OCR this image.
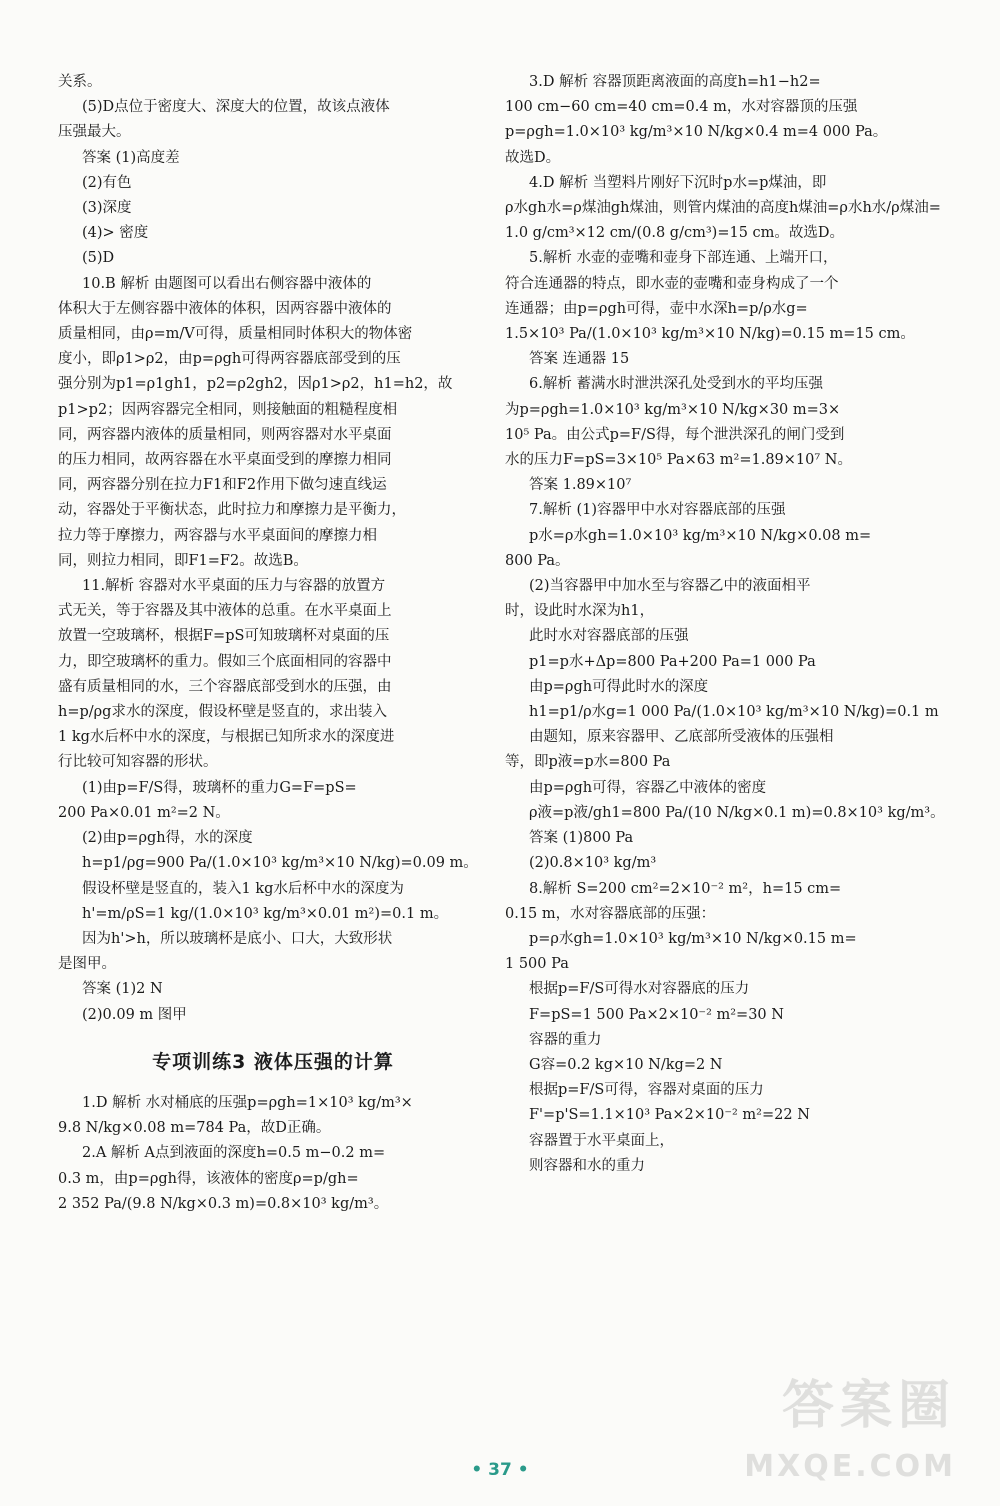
关系。

(5)D点位于密度大、深度大的位置，故该点液体

压强最大。

答案 (1)高度差

(2)有色

(3)深度

(4)> 密度

(5)D

10.B 解析 由题图可以看出右侧容器中液体的

体积大于左侧容器中液体的体积，因两容器中液体的

质量相同，由ρ=m/V可得，质量相同时体积大的物体密

度小，即ρ1>ρ2，由p=ρgh可得两容器底部受到的压

强分别为p1=ρ1gh1，p2=ρ2gh2，因ρ1>ρ2，h1=h2，故

p1>p2；因两容器完全相同，则接触面的粗糙程度相

同，两容器内液体的质量相同，则两容器对水平桌面

的压力相同，故两容器在水平桌面受到的摩擦力相同

同，两容器分别在拉力F1和F2作用下做匀速直线运

动，容器处于平衡状态，此时拉力和摩擦力是平衡力，

拉力等于摩擦力，两容器与水平桌面间的摩擦力相

同，则拉力相同，即F1=F2。故选B。

11.解析 容器对水平桌面的压力与容器的放置方

式无关，等于容器及其中液体的总重。在水平桌面上

放置一空玻璃杯，根据F=pS可知玻璃杯对桌面的压

力，即空玻璃杯的重力。假如三个底面相同的容器中

盛有质量相同的水，三个容器底部受到水的压强，由

h=p/ρg求水的深度，假设杯壁是竖直的，求出装入

1 kg水后杯中水的深度，与根据已知所求水的深度进

行比较可知容器的形状。

(1)由p=F/S得，玻璃杯的重力G=F=pS=

200 Pa×0.01 m²=2 N。

(2)由p=ρgh得，水的深度

h=p1/ρg=900 Pa/(1.0×10³ kg/m³×10 N/kg)=0.09 m。

假设杯壁是竖直的，装入1 kg水后杯中水的深度为

h'=m/ρS=1 kg/(1.0×10³ kg/m³×0.01 m²)=0.1 m。

因为h'>h，所以玻璃杯是底小、口大，大致形状

是图甲。

答案 (1)2 N

(2)0.09 m 图甲

专项训练3 液体压强的计算

1.D 解析 水对桶底的压强p=ρgh=1×10³ kg/m³×

9.8 N/kg×0.08 m=784 Pa，故D正确。

2.A 解析 A点到液面的深度h=0.5 m−0.2 m=

0.3 m，由p=ρgh得，该液体的密度ρ=p/gh=

2 352 Pa/(9.8 N/kg×0.3 m)=0.8×10³ kg/m³。

3.D 解析 容器顶距离液面的高度h=h1−h2=

100 cm−60 cm=40 cm=0.4 m，水对容器顶的压强

p=ρgh=1.0×10³ kg/m³×10 N/kg×0.4 m=4 000 Pa。

故选D。

4.D 解析 当塑料片刚好下沉时p水=p煤油，即

ρ水gh水=ρ煤油gh煤油，则管内煤油的高度h煤油=ρ水h水/ρ煤油=

1.0 g/cm³×12 cm/(0.8 g/cm³)=15 cm。故选D。

5.解析 水壶的壶嘴和壶身下部连通、上端开口，

符合连通器的特点，即水壶的壶嘴和壶身构成了一个

连通器；由p=ρgh可得，壶中水深h=p/ρ水g=

1.5×10³ Pa/(1.0×10³ kg/m³×10 N/kg)=0.15 m=15 cm。

答案 连通器 15

6.解析 蓄满水时泄洪深孔处受到水的平均压强

为p=ρgh=1.0×10³ kg/m³×10 N/kg×30 m=3×

10⁵ Pa。由公式p=F/S得，每个泄洪深孔的闸门受到

水的压力F=pS=3×10⁵ Pa×63 m²=1.89×10⁷ N。

答案 1.89×10⁷

7.解析 (1)容器甲中水对容器底部的压强

p水=ρ水gh=1.0×10³ kg/m³×10 N/kg×0.08 m=

800 Pa。

(2)当容器甲中加水至与容器乙中的液面相平

时，设此时水深为h1，

此时水对容器底部的压强

p1=p水+Δp=800 Pa+200 Pa=1 000 Pa

由p=ρgh可得此时水的深度

h1=p1/ρ水g=1 000 Pa/(1.0×10³ kg/m³×10 N/kg)=0.1 m

由题知，原来容器甲、乙底部所受液体的压强相

等，即p液=p水=800 Pa

由p=ρgh可得，容器乙中液体的密度

ρ液=p液/gh1=800 Pa/(10 N/kg×0.1 m)=0.8×10³ kg/m³。

答案 (1)800 Pa

(2)0.8×10³ kg/m³

8.解析 S=200 cm²=2×10⁻² m²，h=15 cm=

0.15 m，水对容器底部的压强：

p=ρ水gh=1.0×10³ kg/m³×10 N/kg×0.15 m=

1 500 Pa

根据p=F/S可得水对容器底的压力

F=pS=1 500 Pa×2×10⁻² m²=30 N

容器的重力

G容=0.2 kg×10 N/kg=2 N

根据p=F/S可得，容器对桌面的压力

F'=p'S=1.1×10³ Pa×2×10⁻² m²=22 N

容器置于水平桌面上，

则容器和水的重力

• 37 •
答案圈
MXQE.COM
